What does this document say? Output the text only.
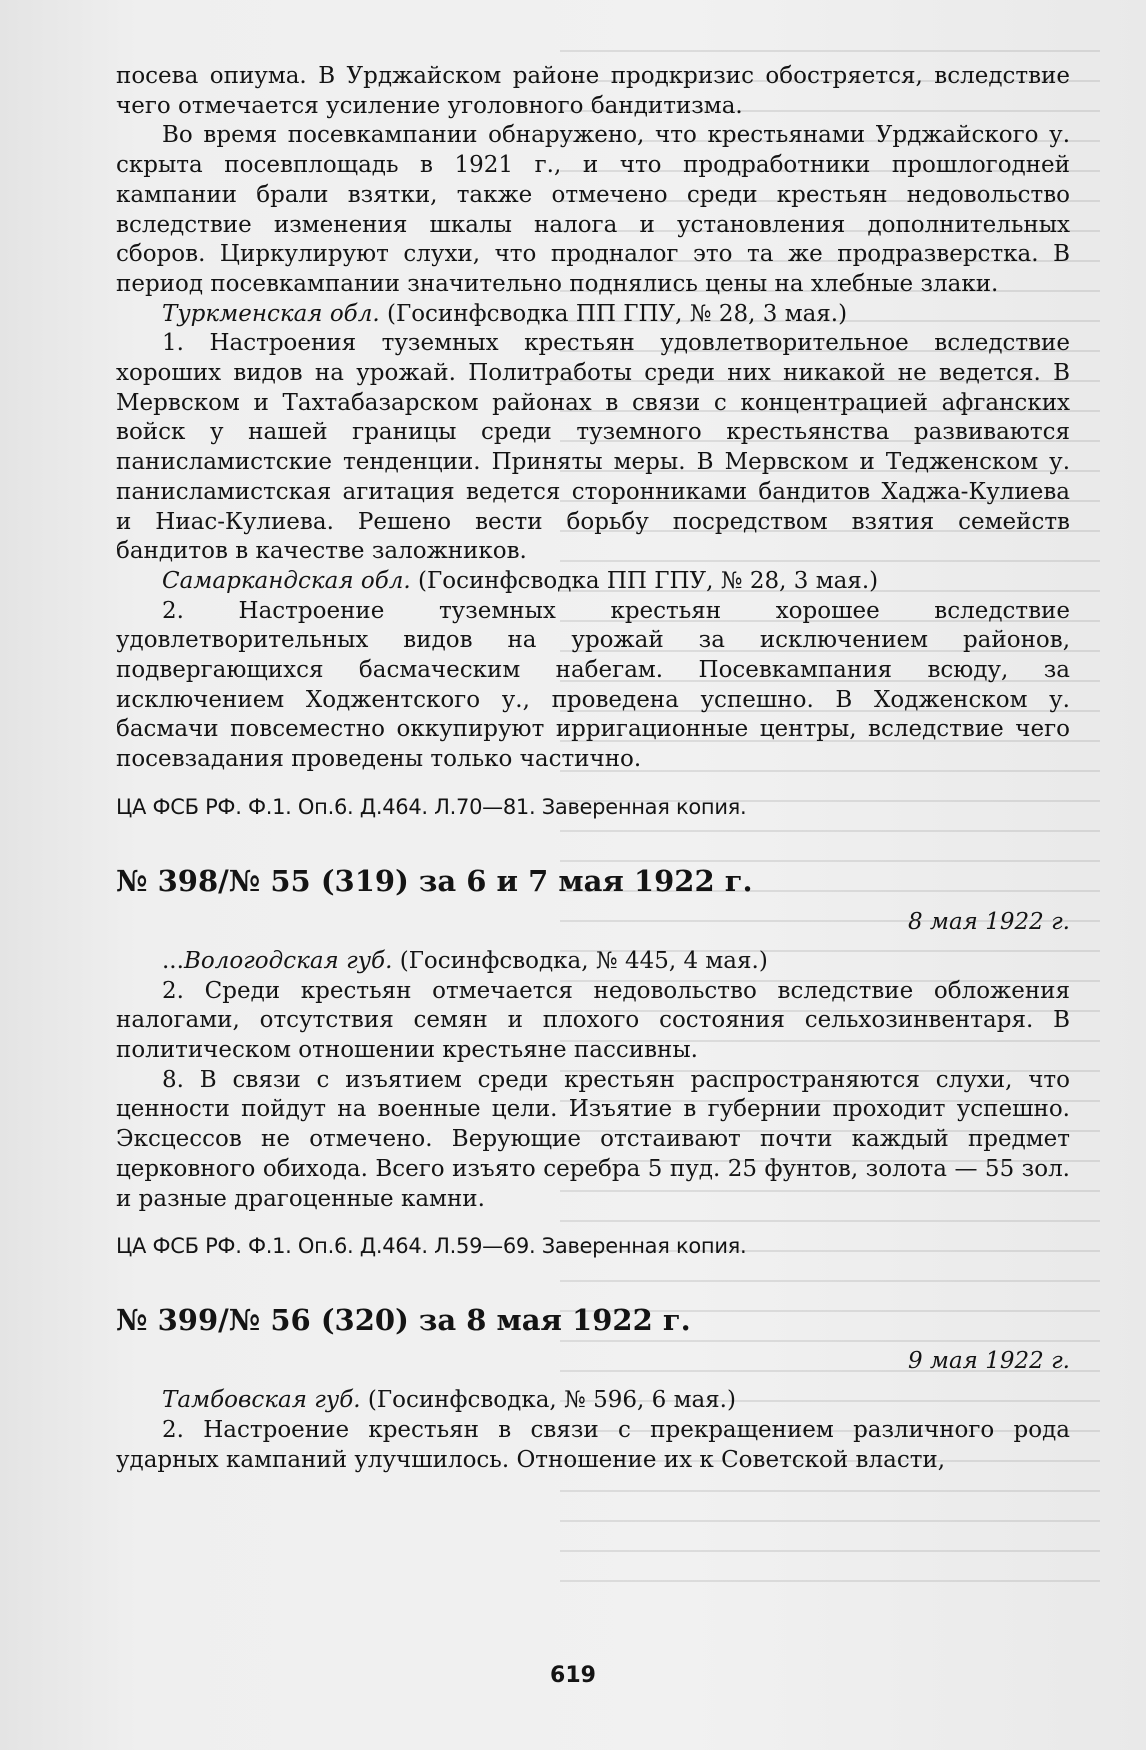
посева опиума. В Урджайском районе продкризис обостряется, вследствие чего отмечается усиление уголовного бандитизма.

Во время посевкампании обнаружено, что крестьянами Урджайского у. скрыта посевплощадь в 1921 г., и что продработники прошлогодней кампании брали взятки, также отмечено среди крестьян недовольство вследствие изменения шкалы налога и установления дополнительных сборов. Циркулируют слухи, что продналог это та же продразверстка. В период посевкампании значительно поднялись цены на хлебные злаки.

Туркменская обл. (Госинфсводка ПП ГПУ, № 28, 3 мая.)

1. Настроения туземных крестьян удовлетворительное вследствие хороших видов на урожай. Политработы среди них никакой не ведется. В Мервском и Тахтабазарском районах в связи с концентрацией афганских войск у нашей границы среди туземного крестьянства развиваются панисламистские тенденции. Приняты меры. В Мервском и Теджeнском у. панисламистская агитация ведется сторонниками бандитов Хаджа-Кулиева и Ниас-Кулиева. Решено вести борьбу посредством взятия семейств бандитов в качестве заложников.

Самаркандская обл. (Госинфсводка ПП ГПУ, № 28, 3 мая.)

2. Настроение туземных крестьян хорошее вследствие удовлетворительных видов на урожай за исключением районов, подвергающихся басмаческим набегам. Посевкампания всюду, за исключением Ходжентского у., проведена успешно. В Ходженском у. басмачи повсеместно оккупируют ирригационные центры, вследствие чего посевзадания проведены только частично.

ЦА ФСБ РФ. Ф.1. Оп.6. Д.464. Л.70—81. Заверенная копия.

№ 398/№ 55 (319) за 6 и 7 мая 1922 г.
8 мая 1922 г.

...Вологодская губ. (Госинфсводка, № 445, 4 мая.)

2. Среди крестьян отмечается недовольство вследствие обложения налогами, отсутствия семян и плохого состояния сельхозинвентаря. В политическом отношении крестьяне пассивны.

8. В связи с изъятием среди крестьян распространяются слухи, что ценности пойдут на военные цели. Изъятие в губернии проходит успешно. Эксцессов не отмечено. Верующие отстаивают почти каждый предмет церковного обихода. Всего изъято серебра 5 пуд. 25 фунтов, золота — 55 зол. и разные драгоценные камни.

ЦА ФСБ РФ. Ф.1. Оп.6. Д.464. Л.59—69. Заверенная копия.

№ 399/№ 56 (320) за 8 мая 1922 г.
9 мая 1922 г.

Тамбовская губ. (Госинфсводка, № 596, 6 мая.)

2. Настроение крестьян в связи с прекращением различного рода ударных кампаний улучшилось. Отношение их к Советской власти,

619
